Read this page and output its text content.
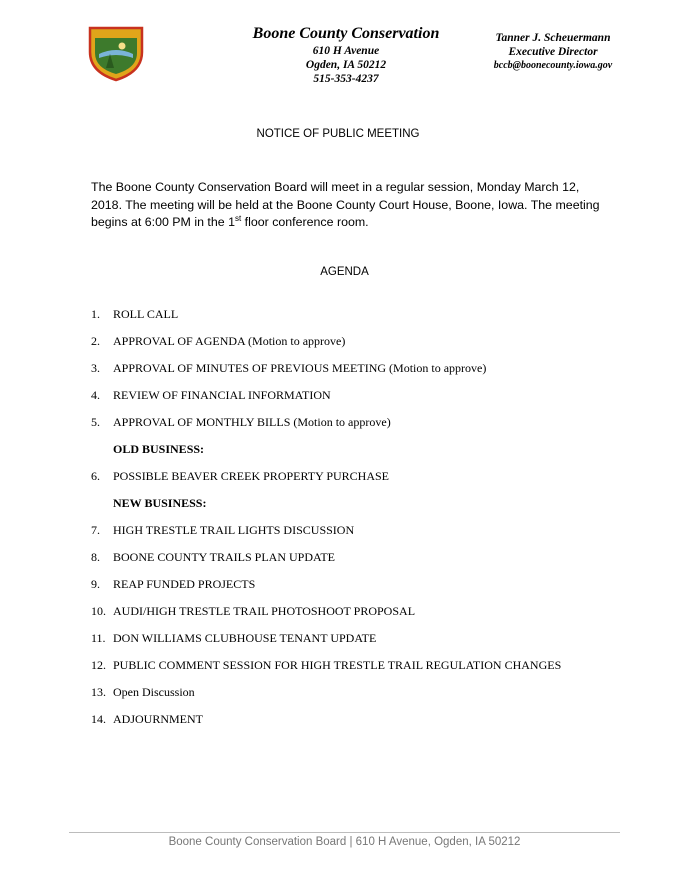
Boone County Conservation
610 H Avenue
Ogden, IA 50212
515-353-4237
Tanner J. Scheuermann
Executive Director
bccb@boonecounty.iowa.gov
NOTICE OF PUBLIC MEETING
The Boone County Conservation Board will meet in a regular session, Monday March 12, 2018. The meeting will be held at the Boone County Court House, Boone, Iowa. The meeting begins at 6:00 PM in the 1st floor conference room.
AGENDA
1. ROLL CALL
2. APPROVAL OF AGENDA (Motion to approve)
3. APPROVAL OF MINUTES OF PREVIOUS MEETING (Motion to approve)
4. REVIEW OF FINANCIAL INFORMATION
5. APPROVAL OF MONTHLY BILLS (Motion to approve)
OLD BUSINESS:
6. POSSIBLE BEAVER CREEK PROPERTY PURCHASE
NEW BUSINESS:
7. HIGH TRESTLE TRAIL LIGHTS DISCUSSION
8. BOONE COUNTY TRAILS PLAN UPDATE
9. REAP FUNDED PROJECTS
10. AUDI/HIGH TRESTLE TRAIL PHOTOSHOOT PROPOSAL
11. DON WILLIAMS CLUBHOUSE TENANT UPDATE
12. PUBLIC COMMENT SESSION FOR HIGH TRESTLE TRAIL REGULATION CHANGES
13. Open Discussion
14. ADJOURNMENT
Boone County Conservation Board | 610 H Avenue, Ogden, IA 50212
